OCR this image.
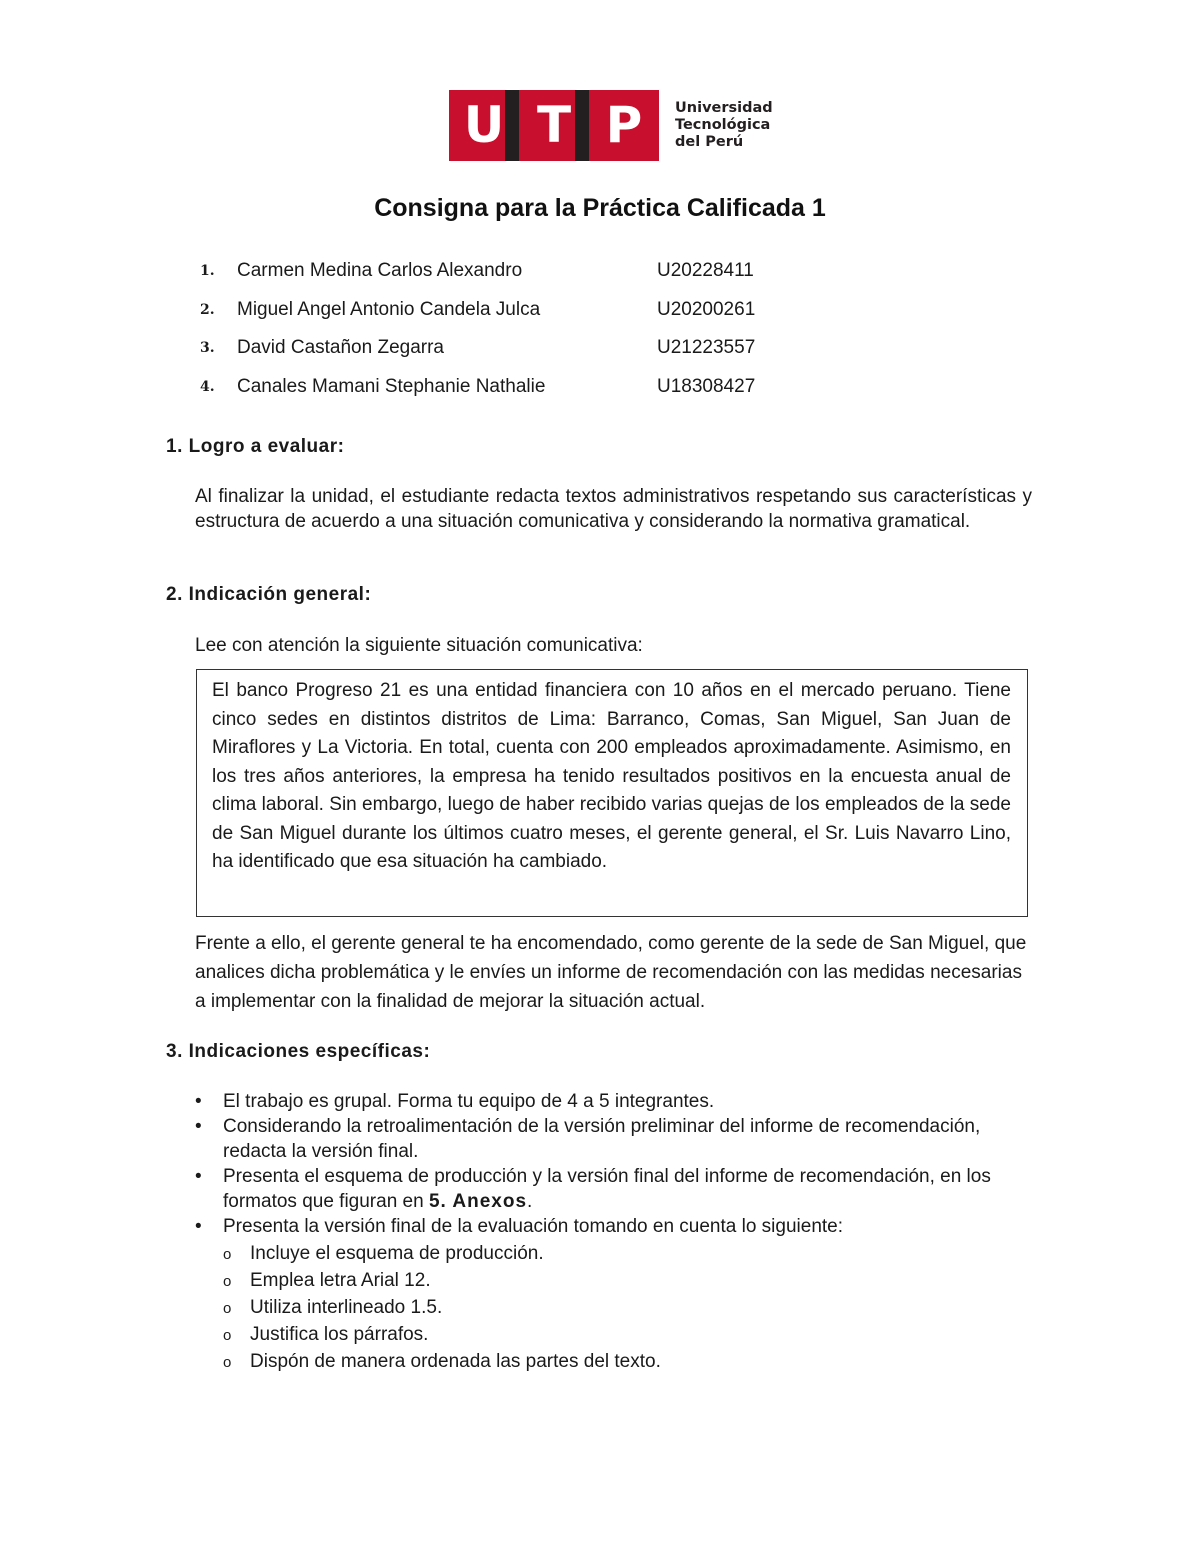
U T P	Universidad
Tecnológica
del Perú
Consigna para la Práctica Calificada 1
1.	Carmen Medina Carlos Alexandro	U20228411
2.	Miguel Angel Antonio Candela Julca	U20200261
3.	David Castañon Zegarra	U21223557
4.	Canales Mamani Stephanie Nathalie	U18308427
1. Logro a evaluar:
Al finalizar la unidad, el estudiante redacta textos administrativos respetando sus características y estructura de acuerdo a una situación comunicativa y considerando la normativa gramatical.
2. Indicación general:
Lee con atención la siguiente situación comunicativa:
El banco Progreso 21 es una entidad financiera con 10 años en el mercado peruano. Tiene cinco sedes en distintos distritos de Lima: Barranco, Comas, San Miguel, San Juan de Miraflores y La Victoria. En total, cuenta con 200 empleados aproximadamente. Asimismo, en los tres años anteriores, la empresa ha tenido resultados positivos en la encuesta anual de clima laboral. Sin embargo, luego de haber recibido varias quejas de los empleados de la sede de San Miguel durante los últimos cuatro meses, el gerente general, el Sr. Luis Navarro Lino, ha identificado que esa situación ha cambiado.
Frente a ello, el gerente general te ha encomendado, como gerente de la sede de San Miguel, que analices dicha problemática y le envíes un informe de recomendación con las medidas necesarias a implementar con la finalidad de mejorar la situación actual.
3. Indicaciones específicas:
• El trabajo es grupal. Forma tu equipo de 4 a 5 integrantes.
• Considerando la retroalimentación de la versión preliminar del informe de recomendación, redacta la versión final.
• Presenta el esquema de producción y la versión final del informe de recomendación, en los formatos que figuran en 5. Anexos.
• Presenta la versión final de la evaluación tomando en cuenta lo siguiente:
o Incluye el esquema de producción.
o Emplea letra Arial 12.
o Utiliza interlineado 1.5.
o Justifica los párrafos.
o Dispón de manera ordenada las partes del texto.
